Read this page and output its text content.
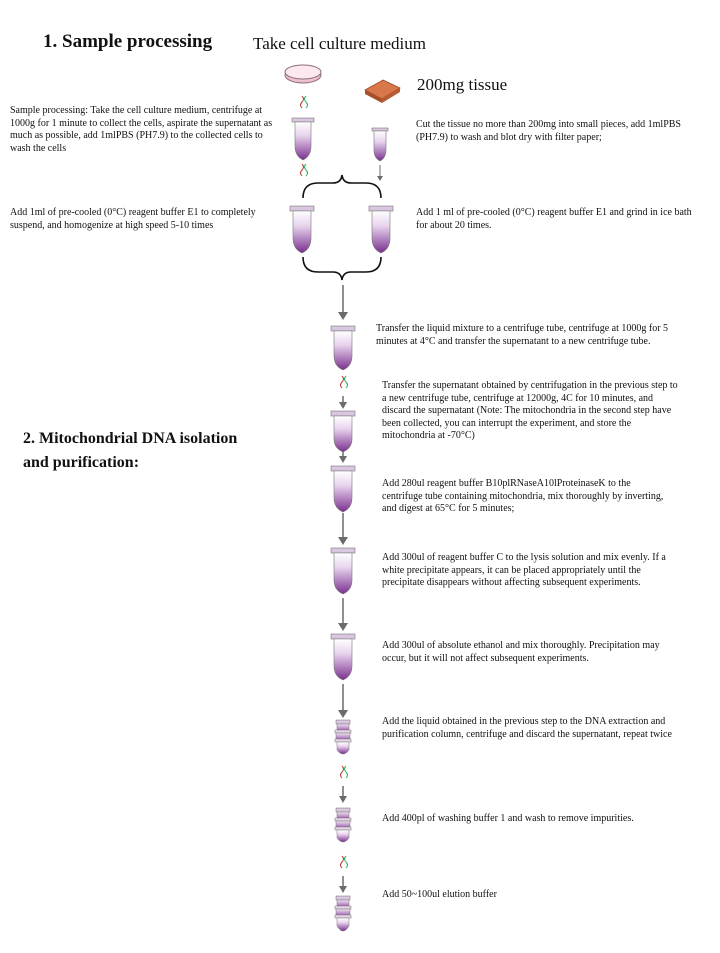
1. Sample processing Take cell culture medium
200mg tissue
Sample processing: Take the cell culture medium, centrifuge at 1000g for 1 minute to collect the cells, aspirate the supernatant as much as possible, add 1mlPBS (PH7.9) to the collected cells to wash the cells
Cut the tissue no more than 200mg into small pieces, add 1mlPBS (PH7.9) to wash and blot dry with filter paper;
Add 1ml of pre-cooled (0°C) reagent buffer E1 to completely suspend, and homogenize at high speed 5-10 times
Add 1 ml of pre-cooled (0°C) reagent buffer E1 and grind in ice bath for about 20 times.
2. Mitochondrial DNA isolation
and purification:
Transfer the liquid mixture to a centrifuge tube, centrifuge at 1000g for 5 minutes at 4°C and transfer the supernatant to a new centrifuge tube.
Transfer the supernatant obtained by centrifugation in the previous step to a new centrifuge tube, centrifuge at 12000g, 4C for 10 minutes, and discard the supernatant (Note: The mitochondria in the second step have been collected, you can interrupt the experiment, and store the mitochondria at -70°C)
Add 280ul reagent buffer B10plRNaseA10lProteinaseK to the centrifuge tube containing mitochondria, mix thoroughly by inverting, and digest at 65°C for 5 minutes;
Add 300ul of reagent buffer C to the lysis solution and mix evenly. If a white precipitate appears, it can be placed appropriately until the precipitate disappears without affecting subsequent experiments.
Add 300ul of absolute ethanol and mix thoroughly. Precipitation may occur, but it will not affect subsequent experiments.
Add the liquid obtained in the previous step to the DNA extraction and purification column, centrifuge and discard the supernatant, repeat twice
Add 400pl of washing buffer 1 and wash to remove impurities.
Add 50~100ul elution buffer
